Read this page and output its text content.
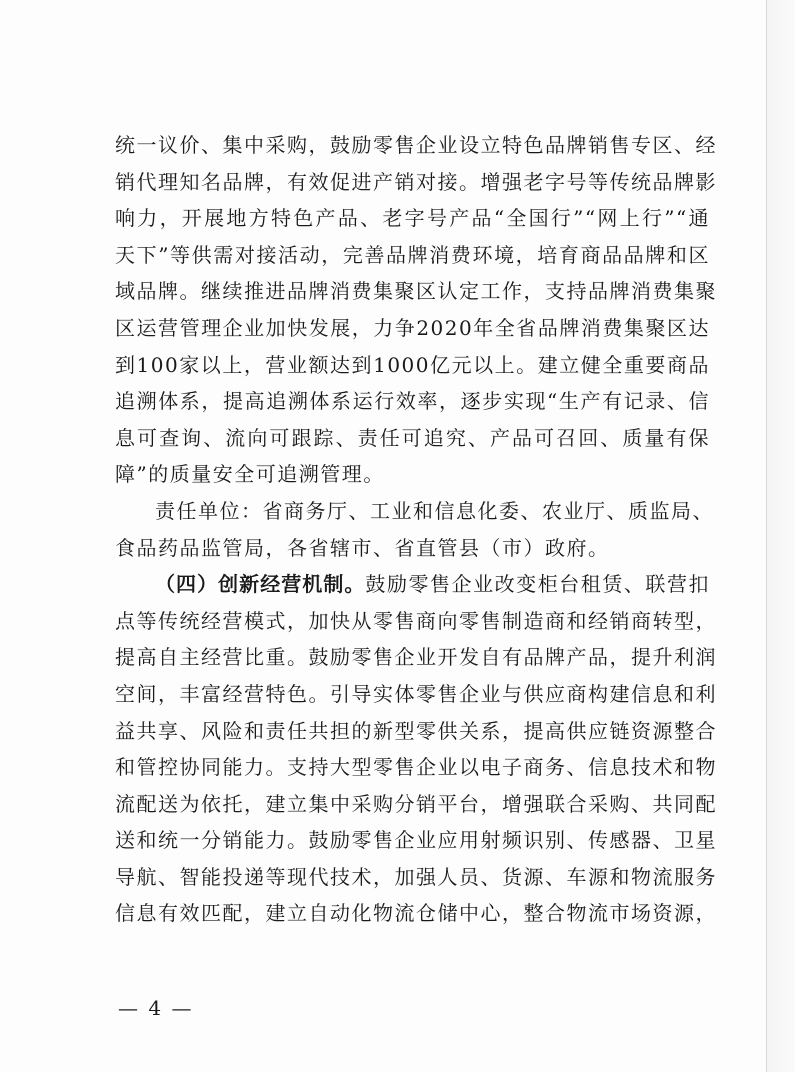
统一议价、集中采购，鼓励零售企业设立特色品牌销售专区、经
销代理知名品牌，有效促进产销对接。增强老字号等传统品牌影
响力，开展地方特色产品、老字号产品“全国行”“网上行”“通
天下”等供需对接活动，完善品牌消费环境，培育商品品牌和区
域品牌。继续推进品牌消费集聚区认定工作，支持品牌消费集聚
区运营管理企业加快发展，力争2020年全省品牌消费集聚区达
到100家以上，营业额达到1000亿元以上。建立健全重要商品
追溯体系，提高追溯体系运行效率，逐步实现“生产有记录、信
息可查询、流向可跟踪、责任可追究、产品可召回、质量有保
障”的质量安全可追溯管理。
责任单位：省商务厅、工业和信息化委、农业厅、质监局、
食品药品监管局，各省辖市、省直管县（市）政府。
（四）创新经营机制。鼓励零售企业改变柜台租赁、联营扣
点等传统经营模式，加快从零售商向零售制造商和经销商转型，
提高自主经营比重。鼓励零售企业开发自有品牌产品，提升利润
空间，丰富经营特色。引导实体零售企业与供应商构建信息和利
益共享、风险和责任共担的新型零供关系，提高供应链资源整合
和管控协同能力。支持大型零售企业以电子商务、信息技术和物
流配送为依托，建立集中采购分销平台，增强联合采购、共同配
送和统一分销能力。鼓励零售企业应用射频识别、传感器、卫星
导航、智能投递等现代技术，加强人员、货源、车源和物流服务
信息有效匹配，建立自动化物流仓储中心，整合物流市场资源，
— 4 —
